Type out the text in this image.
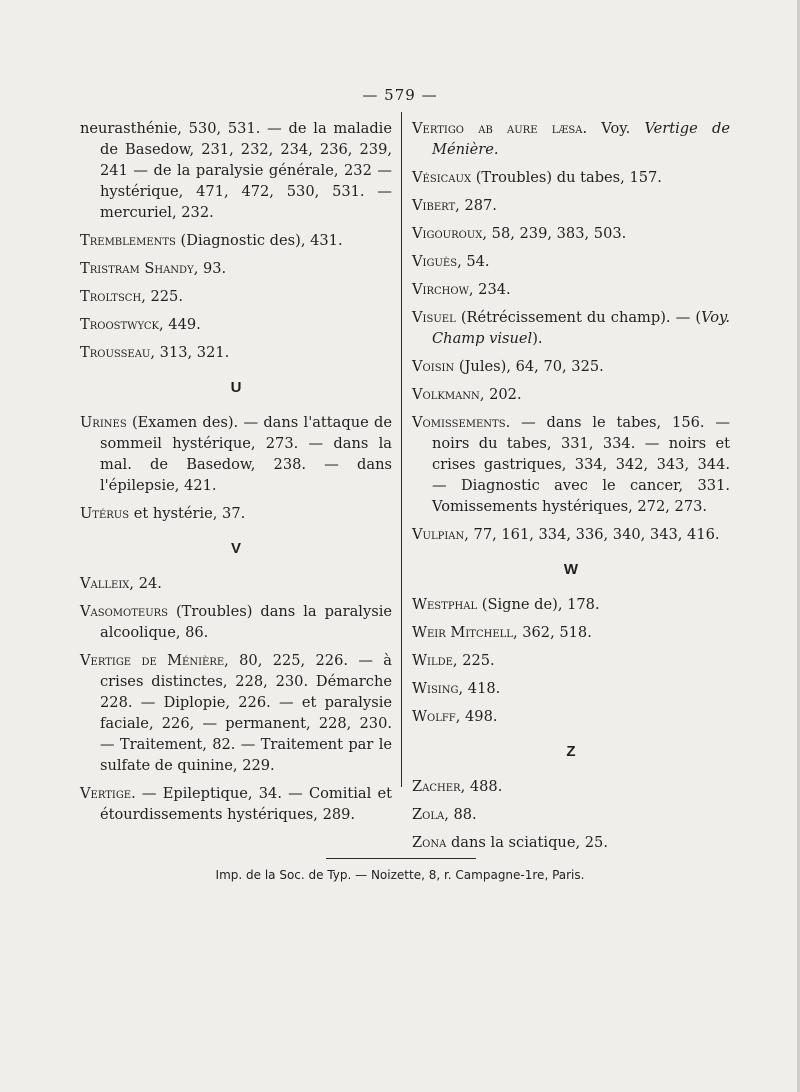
— 579 —

neurasthénie, 530, 531. — de la maladie de Basedow, 231, 232, 234, 236, 239, 241 — de la paralysie générale, 232 — hystérique, 471, 472, 530, 531. — mercuriel, 232.

Tremblements (Diagnostic des), 431.

Tristram Shandy, 93.

Troltsch, 225.

Troostwyck, 449.

Trousseau, 313, 321.

U

Urines (Examen des). — dans l'attaque de sommeil hystérique, 273. — dans la mal. de Basedow, 238. — dans l'épilepsie, 421.

Utérus et hystérie, 37.

V

Valleix, 24.

Vasomoteurs (Troubles) dans la paralysie alcoolique, 86.

Vertige de Ménière, 80, 225, 226. — à crises distinctes, 228, 230. Démarche 228. — Diplopie, 226. — et paralysie faciale, 226, — permanent, 228, 230. — Traitement, 82. — Traitement par le sulfate de quinine, 229.

Vertige. — Epileptique, 34. — Comitial et étourdissements hystériques, 289.

Vertigo ab aure læsa. Voy. Vertige de Ménière.

Vésicaux (Troubles) du tabes, 157.

Vibert, 287.

Vigouroux, 58, 239, 383, 503.

Viguès, 54.

Virchow, 234.

Visuel (Rétrécissement du champ). — (Voy. Champ visuel).

Voisin (Jules), 64, 70, 325.

Volkmann, 202.

Vomissements. — dans le tabes, 156. — noirs du tabes, 331, 334. — noirs et crises gastriques, 334, 342, 343, 344. — Diagnostic avec le cancer, 331. Vomissements hystériques, 272, 273.

Vulpian, 77, 161, 334, 336, 340, 343, 416.

W

Westphal (Signe de), 178.

Weir Mitchell, 362, 518.

Wilde, 225.

Wising, 418.

Wolff, 498.

Z

Zacher, 488.

Zola, 88.

Zona dans la sciatique, 25.

Imp. de la Soc. de Typ. — Noizette, 8, r. Campagne-1re, Paris.
